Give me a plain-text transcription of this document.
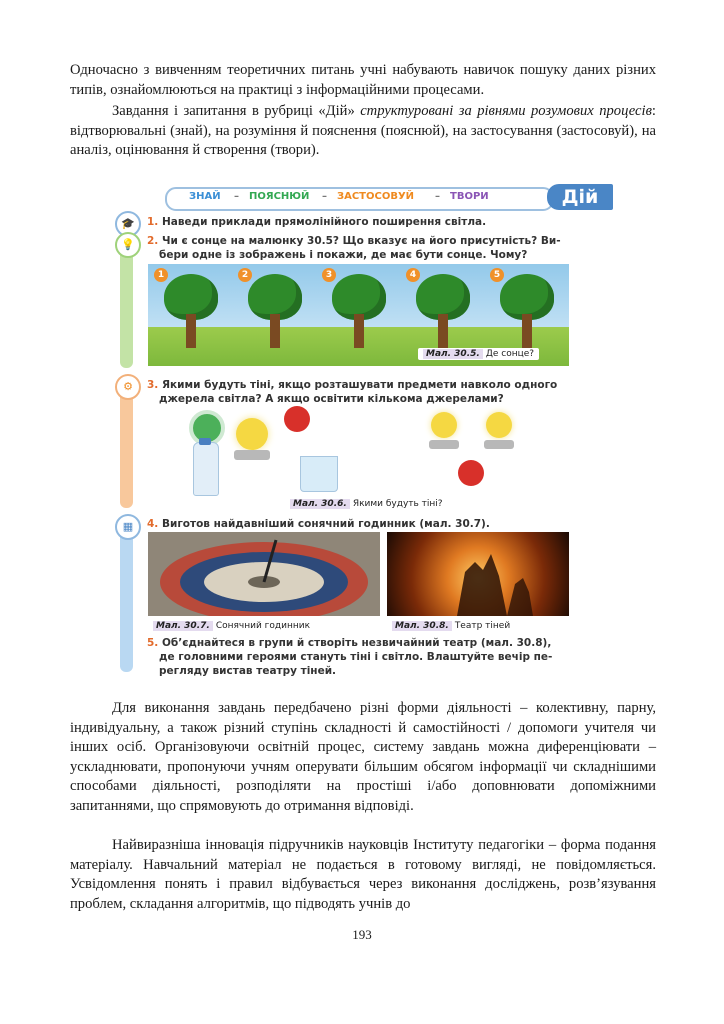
Одночасно з вивченням теоретичних питань учні набувають навичок пошуку даних різних типів, ознайомлюються на практиці з інформаційними процесами.

Завдання і запитання в рубриці «Дій» структуровані за рівнями розумових процесів: відтворювальні (знай), на розуміння й пояснення (пояснюй), на застосування (застосовуй), на аналіз, оцінювання й створення (твори).

ЗНАЙ – ПОЯСНЮЙ – ЗАСТОСОВУЙ – ТВОРИ	Дій
🎓
💡
⚙
▦
1. Наведи приклади прямолінійного поширення світла.
2. Чи є сонце на малюнку 30.5? Що вказує на його присутність? Ви-
бери одне із зображень і покажи, де має бути сонце. Чому?
1	2	3	4	5
Мал. 30.5. Де сонце?
3. Якими будуть тіні, якщо розташувати предмети навколо одного
джерела світла? А якщо освітити кількома джерелами?
Мал. 30.6. Якими будуть тіні?
4. Виготов найдавніший сонячний годинник (мал. 30.7).
Мал. 30.7. Сонячний годинник	Мал. 30.8. Театр тіней
5. Об’єднайтеся в групи й створіть незвичайний театр (мал. 30.8),
де головними героями стануть тіні і світло. Влаштуйте вечір пе-
регляду вистав театру тіней.

Для виконання завдань передбачено різні форми діяльності – колективну, парну, індивідуальну, а також різний ступінь складності й самостійності / допомоги учителя чи інших осіб. Організовуючи освітній процес, систему завдань можна диференціювати – ускладнювати, пропонуючи учням оперувати більшим обсягом інформації чи складнішими способами діяльності, розподіляти на простіші і/або доповнювати допоміжними запитаннями, що спрямовують до отримання відповіді.

Найвиразніша інновація підручників науковців Інституту педагогіки – форма подання матеріалу. Навчальний матеріал не подається в готовому вигляді, не повідомляється. Усвідомлення понять і правил відбувається через виконання досліджень, розв’язування проблем, складання алгоритмів, що підводять учнів до

193
